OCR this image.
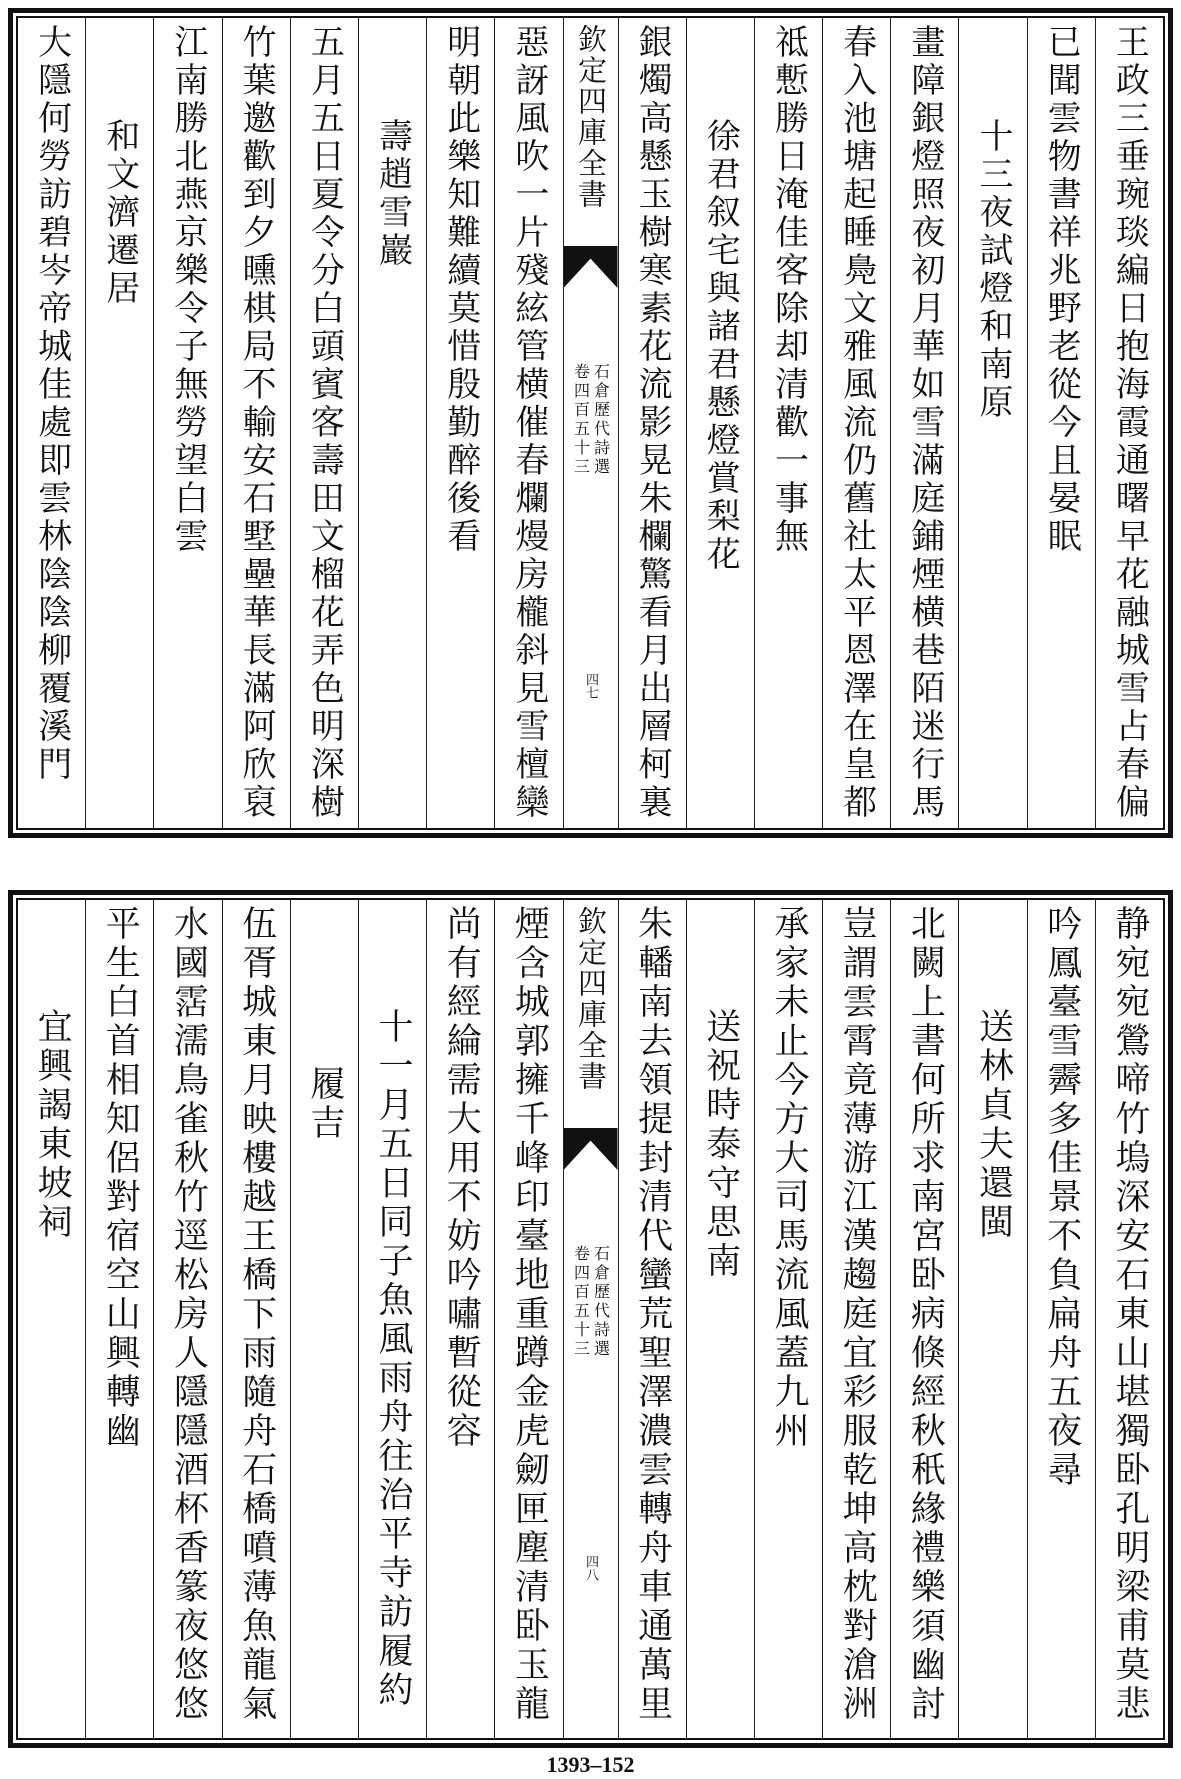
王政三垂琬琰編日抱海霞通曙早花融城雪占春偏
已聞雲物書祥兆野老從今且晏眠
十三夜試燈和南原
畫障銀燈照夜初月華如雪滿庭鋪煙横巷陌迷行馬
春入池塘起睡鳧文雅風流仍舊社太平恩澤在皇都
祗慙勝日淹佳客除却清歡一事無
徐君叙宅與諸君懸燈賞梨花
銀燭高懸玉樹寒素花流影晃朱欄驚看月出層柯裏
欽定四庫全書
石倉歷代詩選
卷四百五十三
四七
惡訝風吹一片殘絃管横催春爛熳房櫳斜見雪檀欒
明朝此樂知難續莫惜殷勤醉後看
壽趙雪巖
五月五日夏令分白頭賓客壽田文榴花弄色明深樹
竹葉邀歡到夕曛棋局不輸安石墅壘華長滿阿欣裒
江南勝北燕京樂令子無勞望白雲
和文濟遷居
大隱何勞訪碧岑帝城佳處即雲林陰陰柳覆溪門
静宛宛鶯啼竹塢深安石東山堪獨卧孔明梁甫莫悲
吟鳳臺雪霽多佳景不負扁舟五夜尋
送林貞夫還閩
北闕上書何所求南宮卧病倏經秋秖緣禮樂須幽討
豈謂雲霄竟薄游江漢趨庭宜彩服乾坤高枕對滄洲
承家未止今方大司馬流風蓋九州
送祝時泰守思南
朱轓南去領提封清代蠻荒聖澤濃雲轉舟車通萬里
欽定四庫全書
石倉歷代詩選
卷四百五十三
四八
煙含城郭擁千峰印臺地重蹲金虎劒匣塵清卧玉龍
尚有經綸需大用不妨吟嘯暫從容
十一月五日同子魚風雨舟往治平寺訪履約
履吉
伍胥城東月映樓越王橋下雨隨舟石橋噴薄魚龍氣
水國霑濡鳥雀秋竹逕松房人隱隱酒杯香篆夜悠悠
平生白首相知侶對宿空山興轉幽
宜興謁東坡祠
1393–152
